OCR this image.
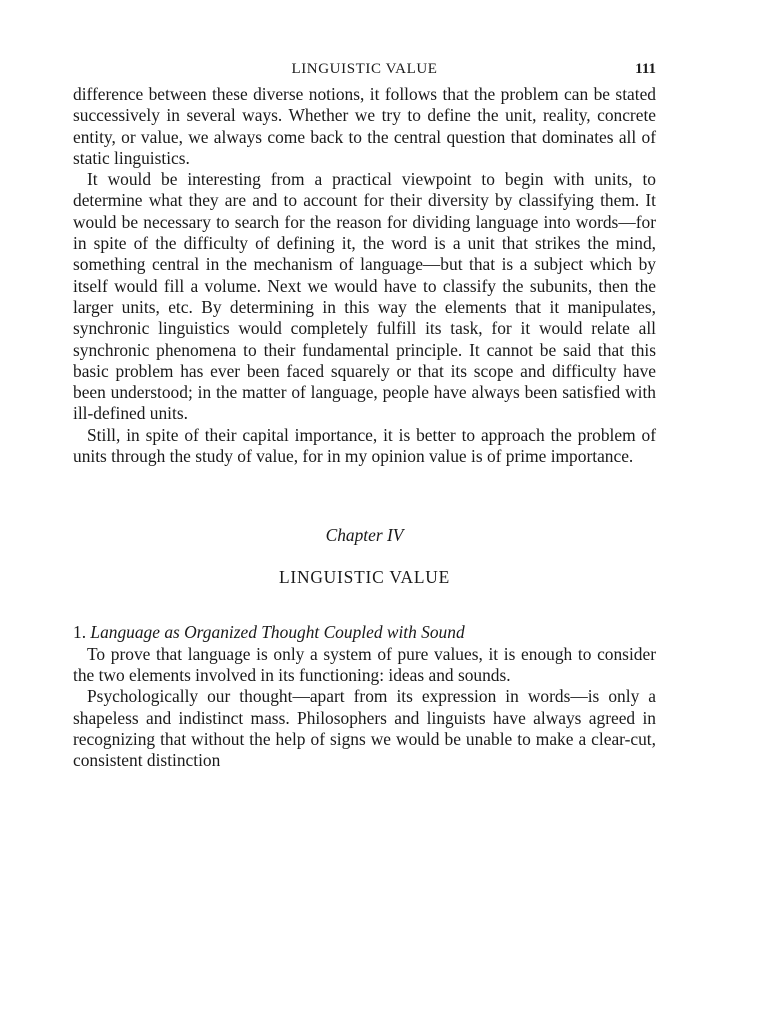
LINGUISTIC VALUE	111

difference between these diverse notions, it follows that the problem can be stated successively in several ways. Whether we try to define the unit, reality, concrete entity, or value, we always come back to the central question that dominates all of static linguistics.

It would be interesting from a practical viewpoint to begin with units, to determine what they are and to account for their diversity by classifying them. It would be necessary to search for the reason for dividing language into words—for in spite of the difficulty of defining it, the word is a unit that strikes the mind, something central in the mechanism of language—but that is a subject which by itself would fill a volume. Next we would have to classify the subunits, then the larger units, etc. By determining in this way the elements that it manipulates, synchronic linguistics would completely fulfill its task, for it would relate all synchronic phenomena to their fundamental principle. It cannot be said that this basic problem has ever been faced squarely or that its scope and difficulty have been understood; in the matter of language, people have always been satisfied with ill-defined units.

Still, in spite of their capital importance, it is better to approach the problem of units through the study of value, for in my opinion value is of prime importance.

Chapter IV
LINGUISTIC VALUE
1. Language as Organized Thought Coupled with Sound

To prove that language is only a system of pure values, it is enough to consider the two elements involved in its functioning: ideas and sounds.

Psychologically our thought—apart from its expression in words—is only a shapeless and indistinct mass. Philosophers and linguists have always agreed in recognizing that without the help of signs we would be unable to make a clear-cut, consistent distinction
